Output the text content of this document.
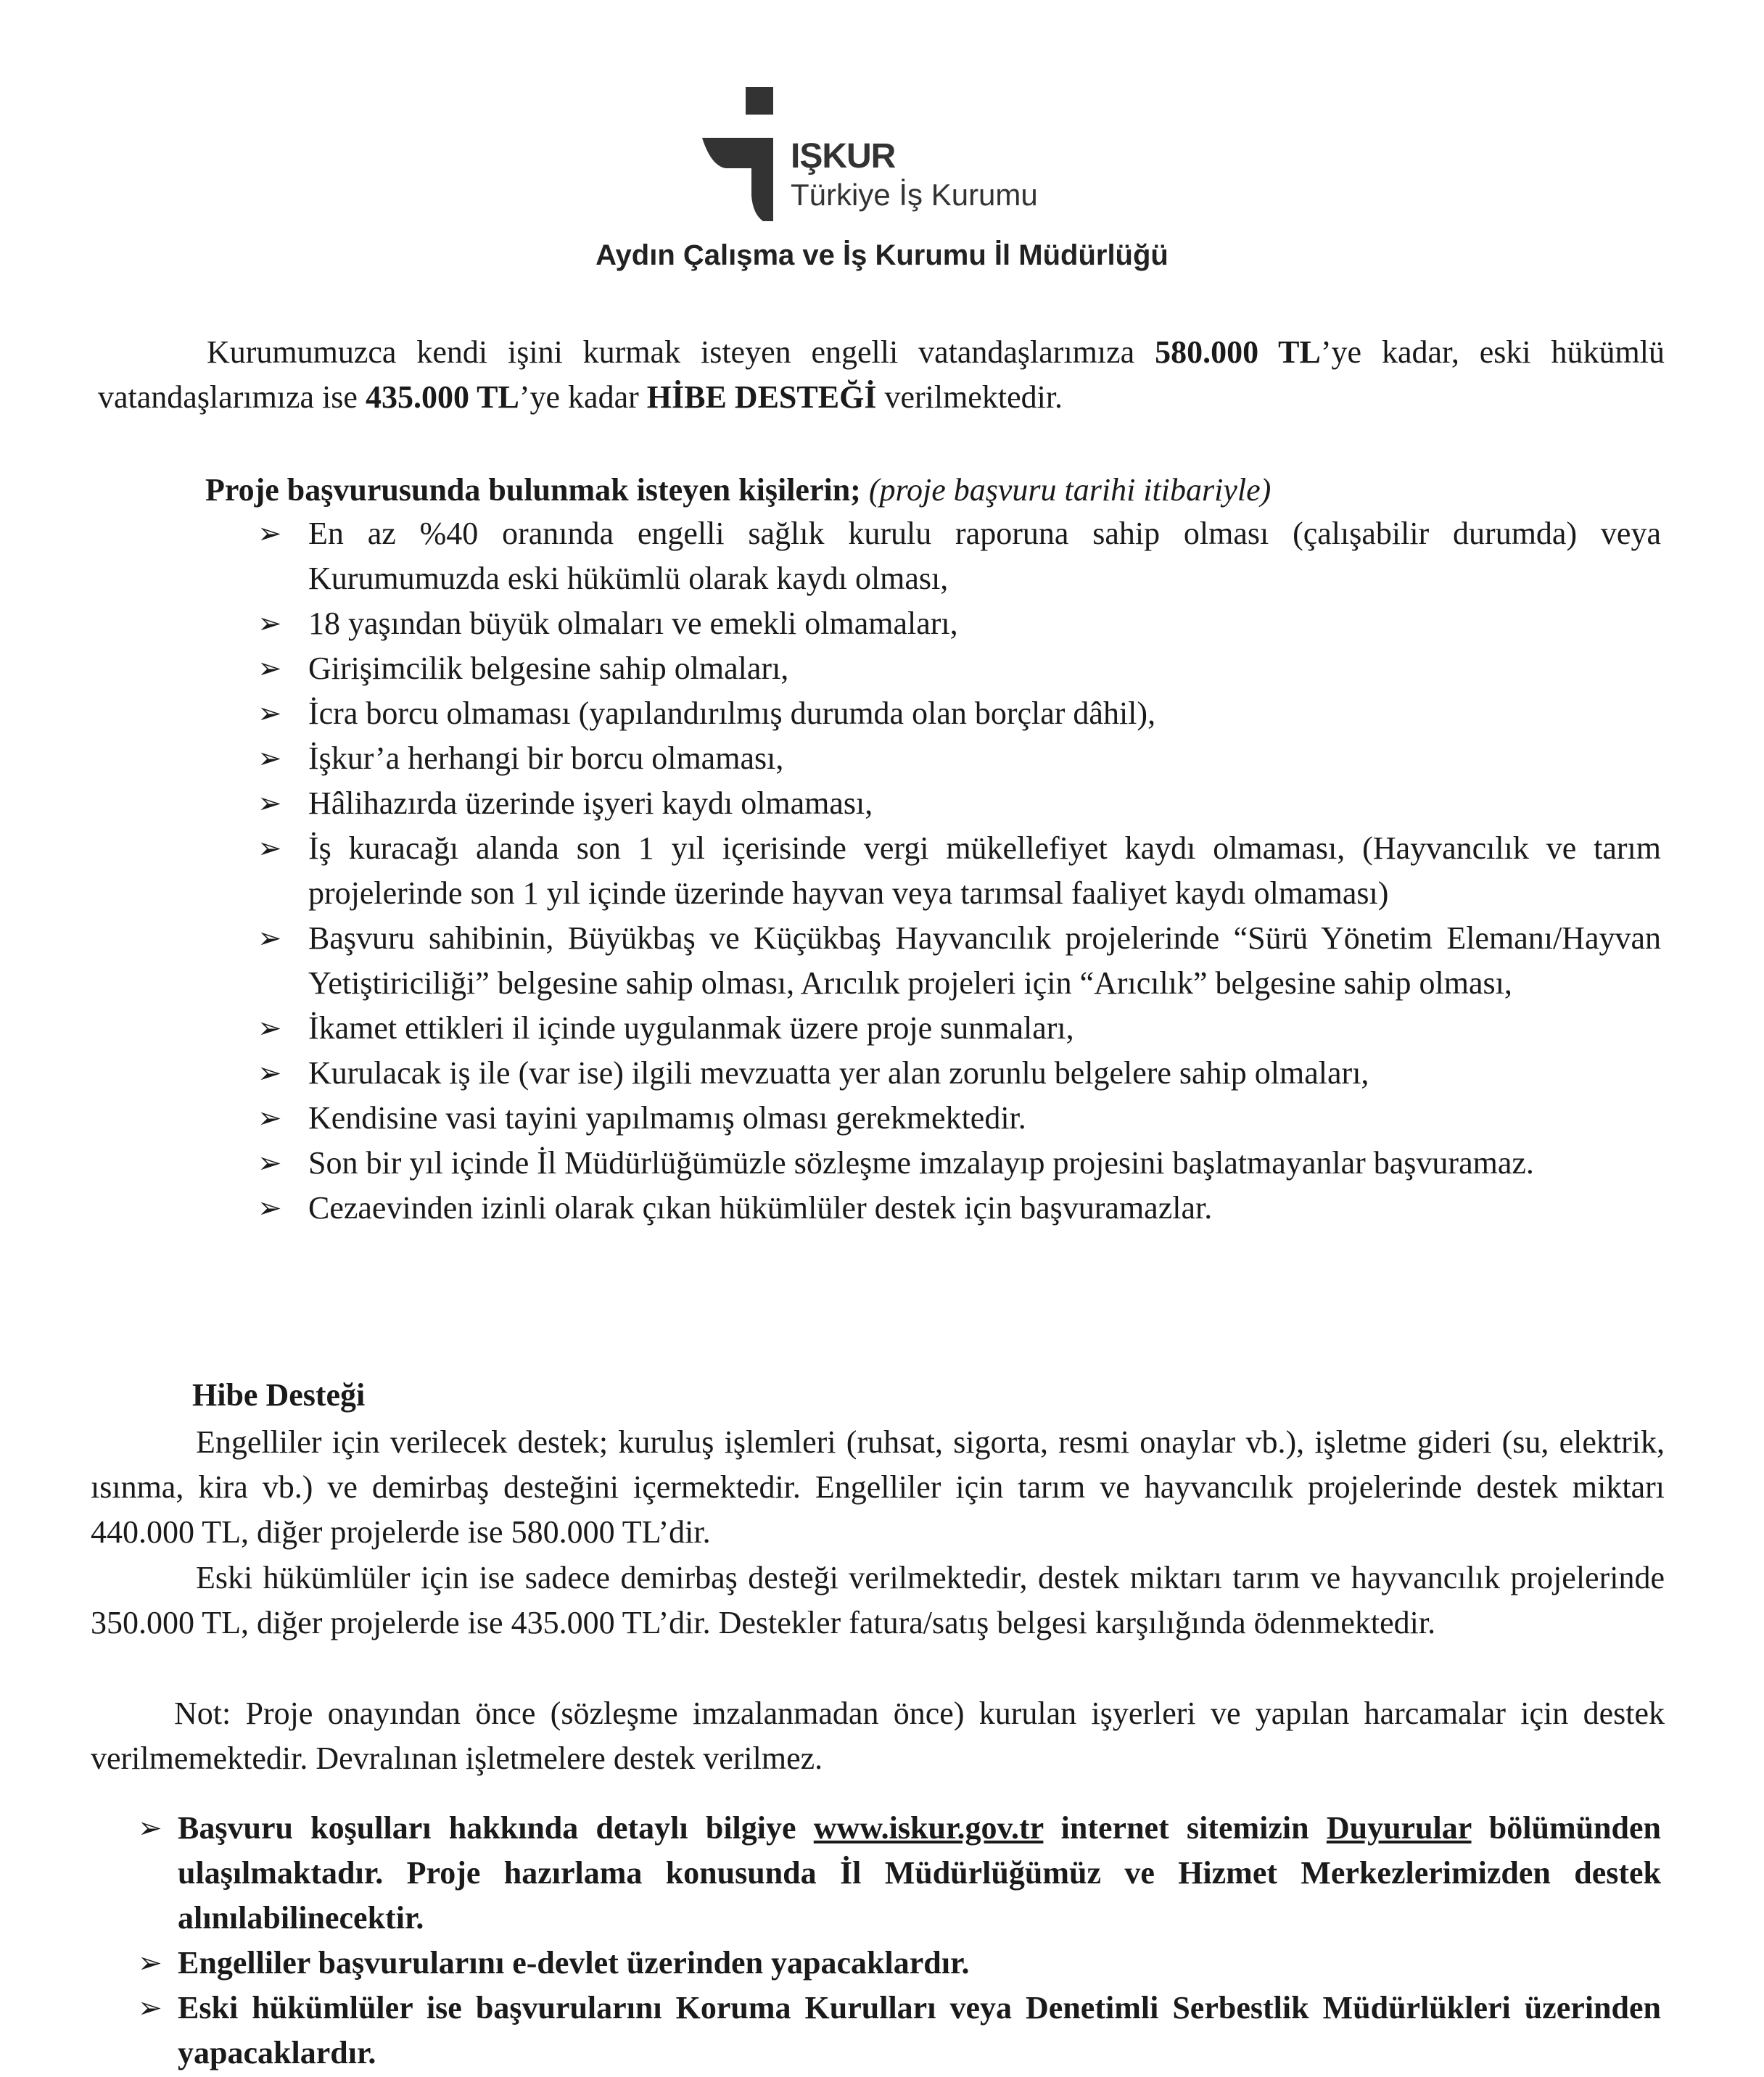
IŞKUR
Türkiye İş Kurumu
Aydın Çalışma ve İş Kurumu İl Müdürlüğü
Kurumumuzca kendi işini kurmak isteyen engelli vatandaşlarımıza 580.000 TL’ye kadar, eski hükümlü vatandaşlarımıza ise 435.000 TL’ye kadar HİBE DESTEĞİ verilmektedir.
Proje başvurusunda bulunmak isteyen kişilerin; (proje başvuru tarihi itibariyle)
➢ En az %40 oranında engelli sağlık kurulu raporuna sahip olması (çalışabilir durumda) veya Kurumumuzda eski hükümlü olarak kaydı olması,
➢ 18 yaşından büyük olmaları ve emekli olmamaları,
➢ Girişimcilik belgesine sahip olmaları,
➢ İcra borcu olmaması (yapılandırılmış durumda olan borçlar dâhil),
➢ İşkur’a herhangi bir borcu olmaması,
➢ Hâlihazırda üzerinde işyeri kaydı olmaması,
➢ İş kuracağı alanda son 1 yıl içerisinde vergi mükellefiyet kaydı olmaması, (Hayvancılık ve tarım projelerinde son 1 yıl içinde üzerinde hayvan veya tarımsal faaliyet kaydı olmaması)
➢ Başvuru sahibinin, Büyükbaş ve Küçükbaş Hayvancılık projelerinde “Sürü Yönetim Elemanı/Hayvan Yetiştiriciliği” belgesine sahip olması, Arıcılık projeleri için “Arıcılık” belgesine sahip olması,
➢ İkamet ettikleri il içinde uygulanmak üzere proje sunmaları,
➢ Kurulacak iş ile (var ise) ilgili mevzuatta yer alan zorunlu belgelere sahip olmaları,
➢ Kendisine vasi tayini yapılmamış olması gerekmektedir.
➢ Son bir yıl içinde İl Müdürlüğümüzle sözleşme imzalayıp projesini başlatmayanlar başvuramaz.
➢ Cezaevinden izinli olarak çıkan hükümlüler destek için başvuramazlar.
Hibe Desteği
Engelliler için verilecek destek; kuruluş işlemleri (ruhsat, sigorta, resmi onaylar vb.), işletme gideri (su, elektrik, ısınma, kira vb.) ve demirbaş desteğini içermektedir. Engelliler için tarım ve hayvancılık projelerinde destek miktarı 440.000 TL, diğer projelerde ise 580.000 TL’dir.
Eski hükümlüler için ise sadece demirbaş desteği verilmektedir, destek miktarı tarım ve hayvancılık projelerinde 350.000 TL, diğer projelerde ise 435.000 TL’dir. Destekler fatura/satış belgesi karşılığında ödenmektedir.
Not: Proje onayından önce (sözleşme imzalanmadan önce) kurulan işyerleri ve yapılan harcamalar için destek verilmemektedir. Devralınan işletmelere destek verilmez.
➢ Başvuru koşulları hakkında detaylı bilgiye www.iskur.gov.tr internet sitemizin Duyurular bölümünden ulaşılmaktadır. Proje hazırlama konusunda İl Müdürlüğümüz ve Hizmet Merkezlerimizden destek alınılabilinecektir.
➢ Engelliler başvurularını e-devlet üzerinden yapacaklardır.
➢ Eski hükümlüler ise başvurularını Koruma Kurulları veya Denetimli Serbestlik Müdürlükleri üzerinden yapacaklardır.
